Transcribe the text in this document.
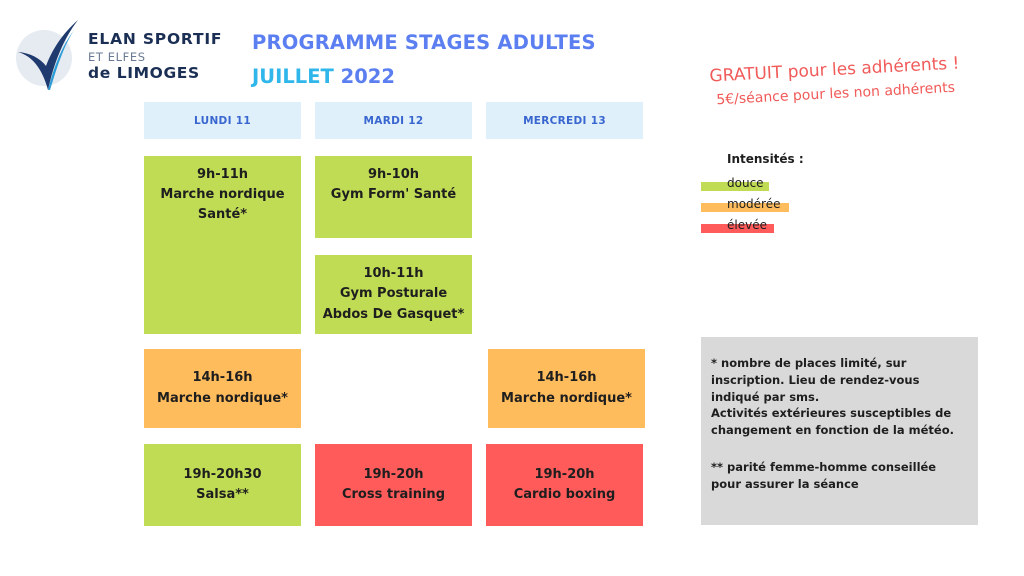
ELAN SPORTIF
ET ELFES
de LIMOGES
PROGRAMME STAGES ADULTES
JUILLET 2022	GRATUIT pour les adhérents !
5€/séance pour les non adhérents
LUNDI 11	MARDI 12	MERCREDI 13
9h-11h
Marche nordique
Santé*
9h-10h
Gym Form' Santé
10h-11h
Gym Posturale
Abdos De Gasquet*
14h-16h
Marche nordique*
14h-16h
Marche nordique*
19h-20h30
Salsa**
19h-20h
Cross training
19h-20h
Cardio boxing
Intensités :
douce
modérée
élevée

* nombre de places limité, sur

inscription. Lieu de rendez-vous

indiqué par sms.

Activités extérieures susceptibles de

changement en fonction de la météo.

** parité femme-homme conseillée

pour assurer la séance
